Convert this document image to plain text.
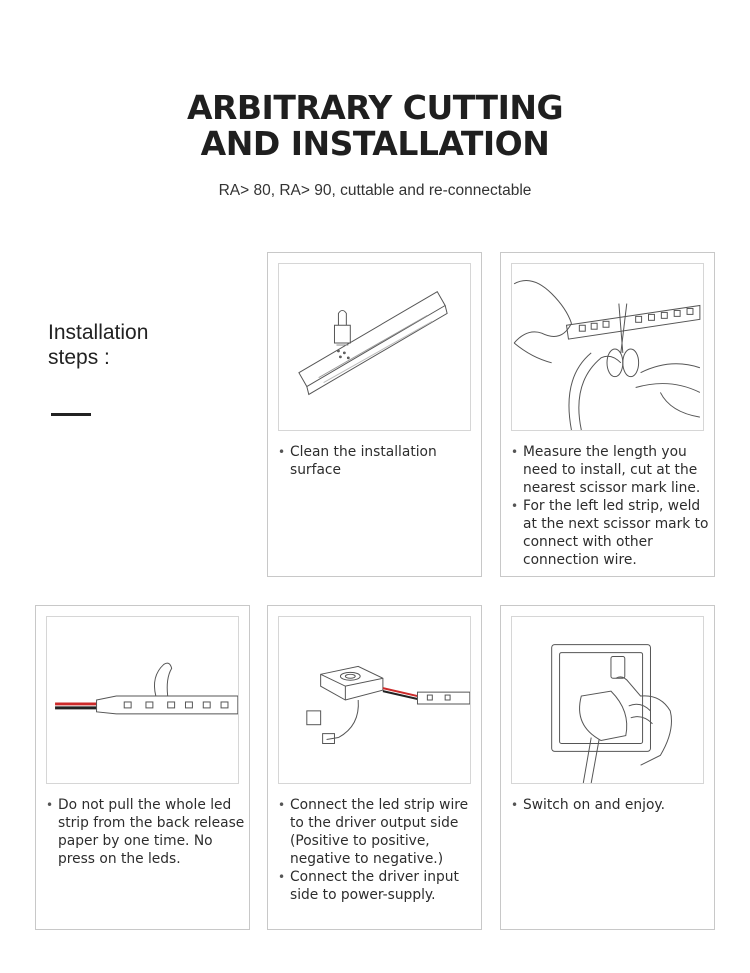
ARBITRARY CUTTING
AND INSTALLATION
RA> 80, RA> 90, cuttable and re-connectable
Installation
steps :
• Clean the installation surface
• Measure the length you need to install, cut at the nearest scissor mark line.
• For the left led strip, weld at the next scissor mark to connect with other connection wire.
• Do not pull the whole led strip from the back release paper by one time. No press on the leds.
• Connect the led strip wire to the driver output side (Positive to positive, negative to negative.)
• Connect the driver input side to power-supply.
• Switch on and enjoy.
